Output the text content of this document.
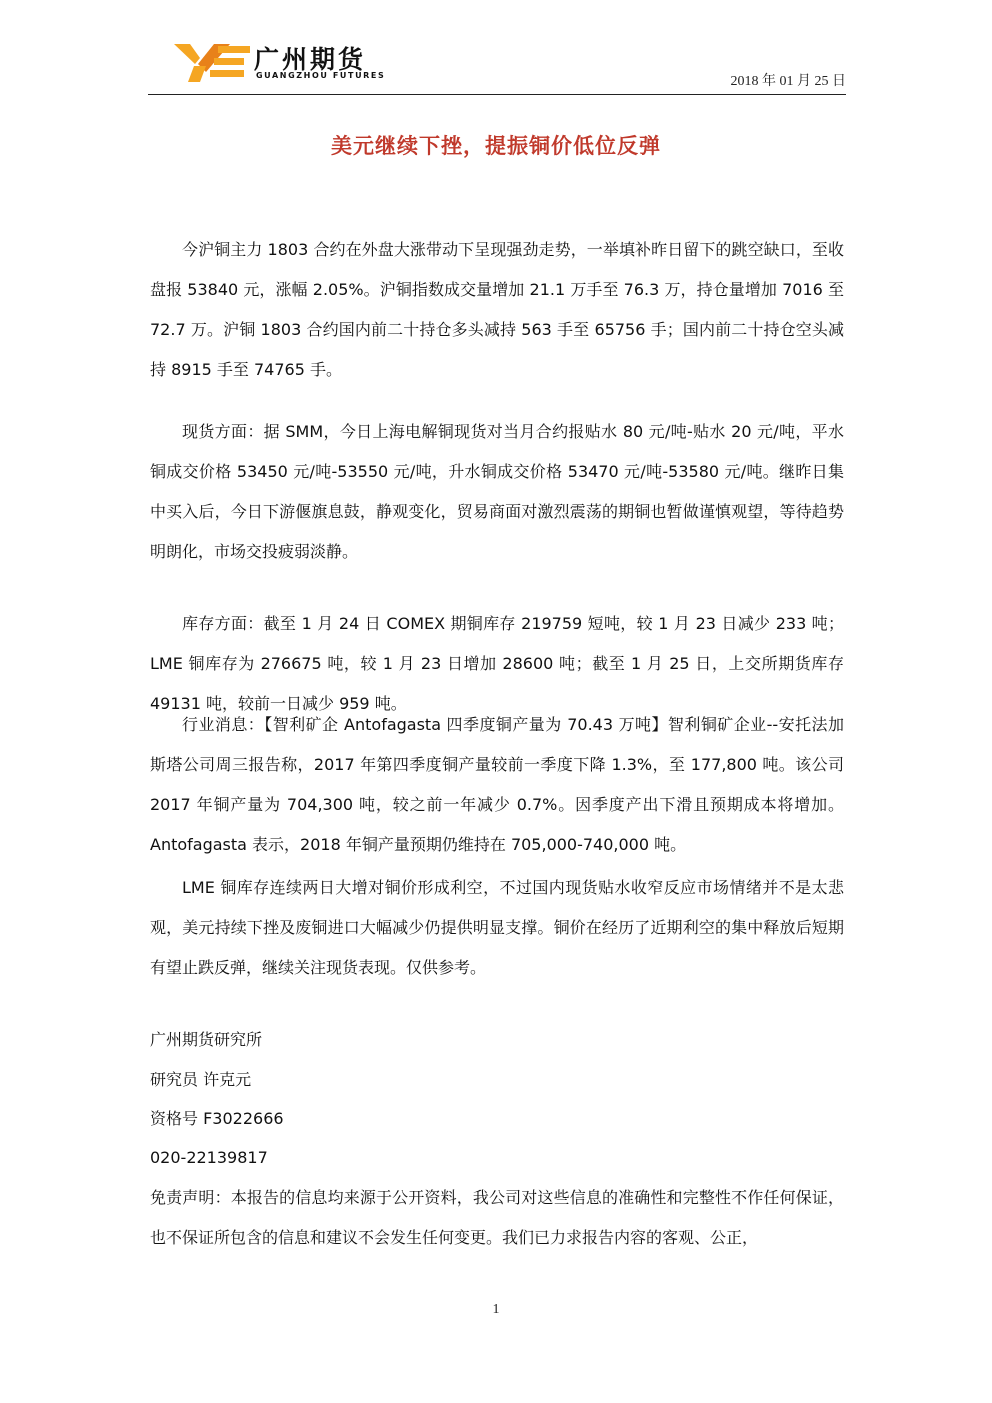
广州期货
GUANGZHOU FUTURES	2018 年 01 月 25 日
美元继续下挫，提振铜价低位反弹

今沪铜主力 1803 合约在外盘大涨带动下呈现强劲走势，一举填补昨日留下的跳空缺口，至收盘报 53840 元，涨幅 2.05%。沪铜指数成交量增加 21.1 万手至 76.3 万，持仓量增加 7016 至 72.7 万。沪铜 1803 合约国内前二十持仓多头减持 563 手至 65756 手；国内前二十持仓空头减持 8915 手至 74765 手。

现货方面：据 SMM，今日上海电解铜现货对当月合约报贴水 80 元/吨-贴水 20 元/吨，平水铜成交价格 53450 元/吨-53550 元/吨，升水铜成交价格 53470 元/吨-53580 元/吨。继昨日集中买入后，今日下游偃旗息鼓，静观变化，贸易商面对激烈震荡的期铜也暂做谨慎观望，等待趋势明朗化，市场交投疲弱淡静。

库存方面：截至 1 月 24 日 COMEX 期铜库存 219759 短吨，较 1 月 23 日减少 233 吨；LME 铜库存为 276675 吨，较 1 月 23 日增加 28600 吨；截至 1 月 25 日，上交所期货库存 49131 吨，较前一日减少 959 吨。

行业消息：【智利矿企 Antofagasta 四季度铜产量为 70.43 万吨】智利铜矿企业--安托法加斯塔公司周三报告称，2017 年第四季度铜产量较前一季度下降 1.3%，至 177,800 吨。该公司 2017 年铜产量为 704,300 吨，较之前一年减少 0.7%。因季度产出下滑且预期成本将增加。Antofagasta 表示，2018 年铜产量预期仍维持在 705,000-740,000 吨。

LME 铜库存连续两日大增对铜价形成利空，不过国内现货贴水收窄反应市场情绪并不是太悲观，美元持续下挫及废铜进口大幅减少仍提供明显支撑。铜价在经历了近期利空的集中释放后短期有望止跌反弹，继续关注现货表现。仅供参考。

广州期货研究所
研究员 许克元
资格号 F3022666
020-22139817

免责声明：本报告的信息均来源于公开资料，我公司对这些信息的准确性和完整性不作任何保证，也不保证所包含的信息和建议不会发生任何变更。我们已力求报告内容的客观、公正，

1
